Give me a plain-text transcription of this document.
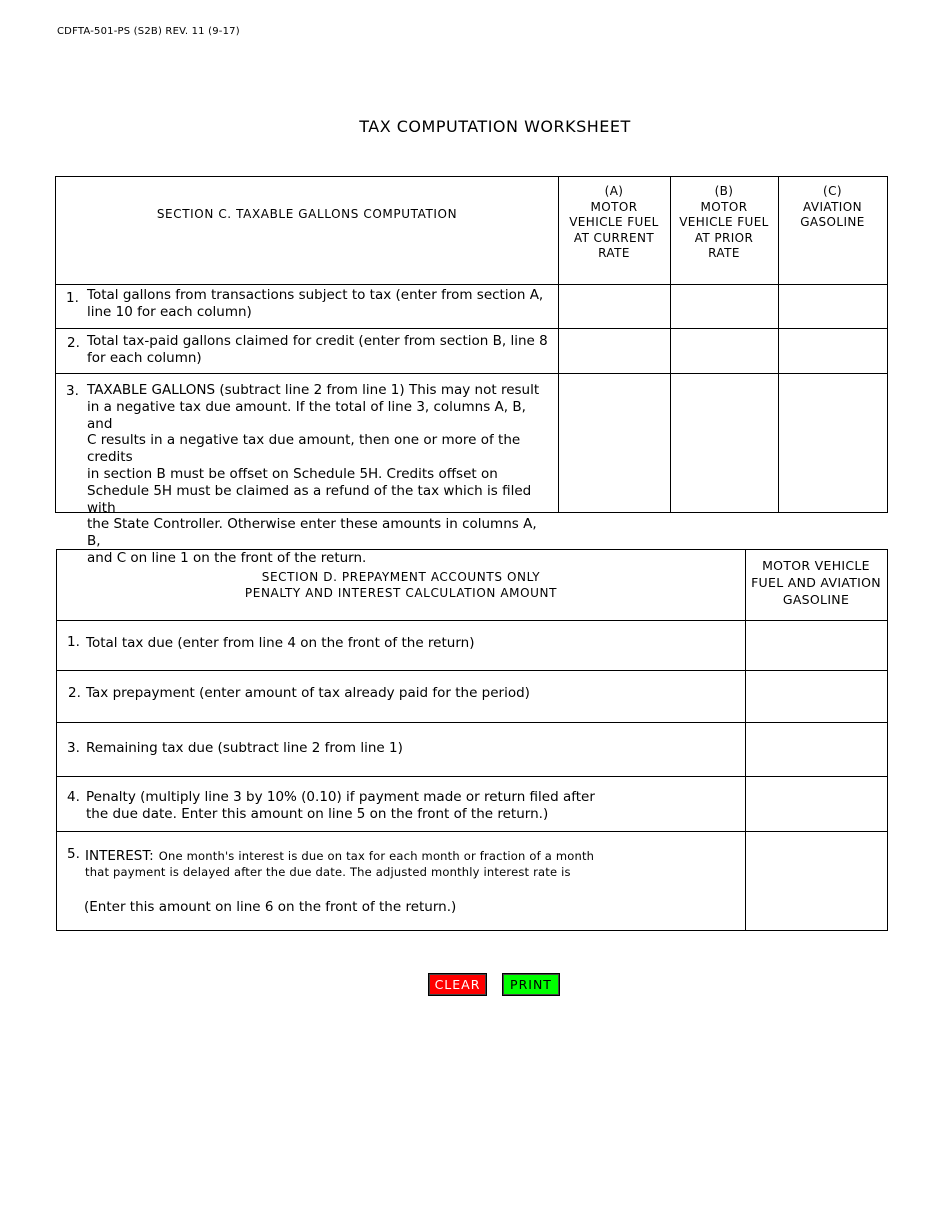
CDFTA-501-PS (S2B) REV. 11 (9-17)
TAX COMPUTATION WORKSHEET
SECTION C. TAXABLE GALLONS COMPUTATION
(A)
MOTOR
VEHICLE FUEL
AT CURRENT
RATE
(B)
MOTOR
VEHICLE FUEL
AT PRIOR
RATE
(C)
AVIATION
GASOLINE
1. Total gallons from transactions subject to tax (enter from section A,
line 10 for each column)
2. Total tax-paid gallons claimed for credit (enter from section B, line 8
for each column)
3. TAXABLE GALLONS (subtract line 2 from line 1) This may not result
in a negative tax due amount. If the total of line 3, columns A, B, and
C results in a negative tax due amount, then one or more of the credits
in section B must be offset on Schedule 5H. Credits offset on
Schedule 5H must be claimed as a refund of the tax which is filed with
the State Controller. Otherwise enter these amounts in columns A, B,
and C on line 1 on the front of the return.
SECTION D. PREPAYMENT ACCOUNTS ONLY
PENALTY AND INTEREST CALCULATION AMOUNT
MOTOR VEHICLE
FUEL AND AVIATION
GASOLINE
1. Total tax due (enter from line 4 on the front of the return)
2. Tax prepayment (enter amount of tax already paid for the period)
3. Remaining tax due (subtract line 2 from line 1)
4. Penalty (multiply line 3 by 10% (0.10) if payment made or return filed after
the due date. Enter this amount on line 5 on the front of the return.)
5. INTEREST: One month's interest is due on tax for each month or fraction of a month
that payment is delayed after the due date. The adjusted monthly interest rate is
(Enter this amount on line 6 on the front of the return.)
CLEAR	PRINT
